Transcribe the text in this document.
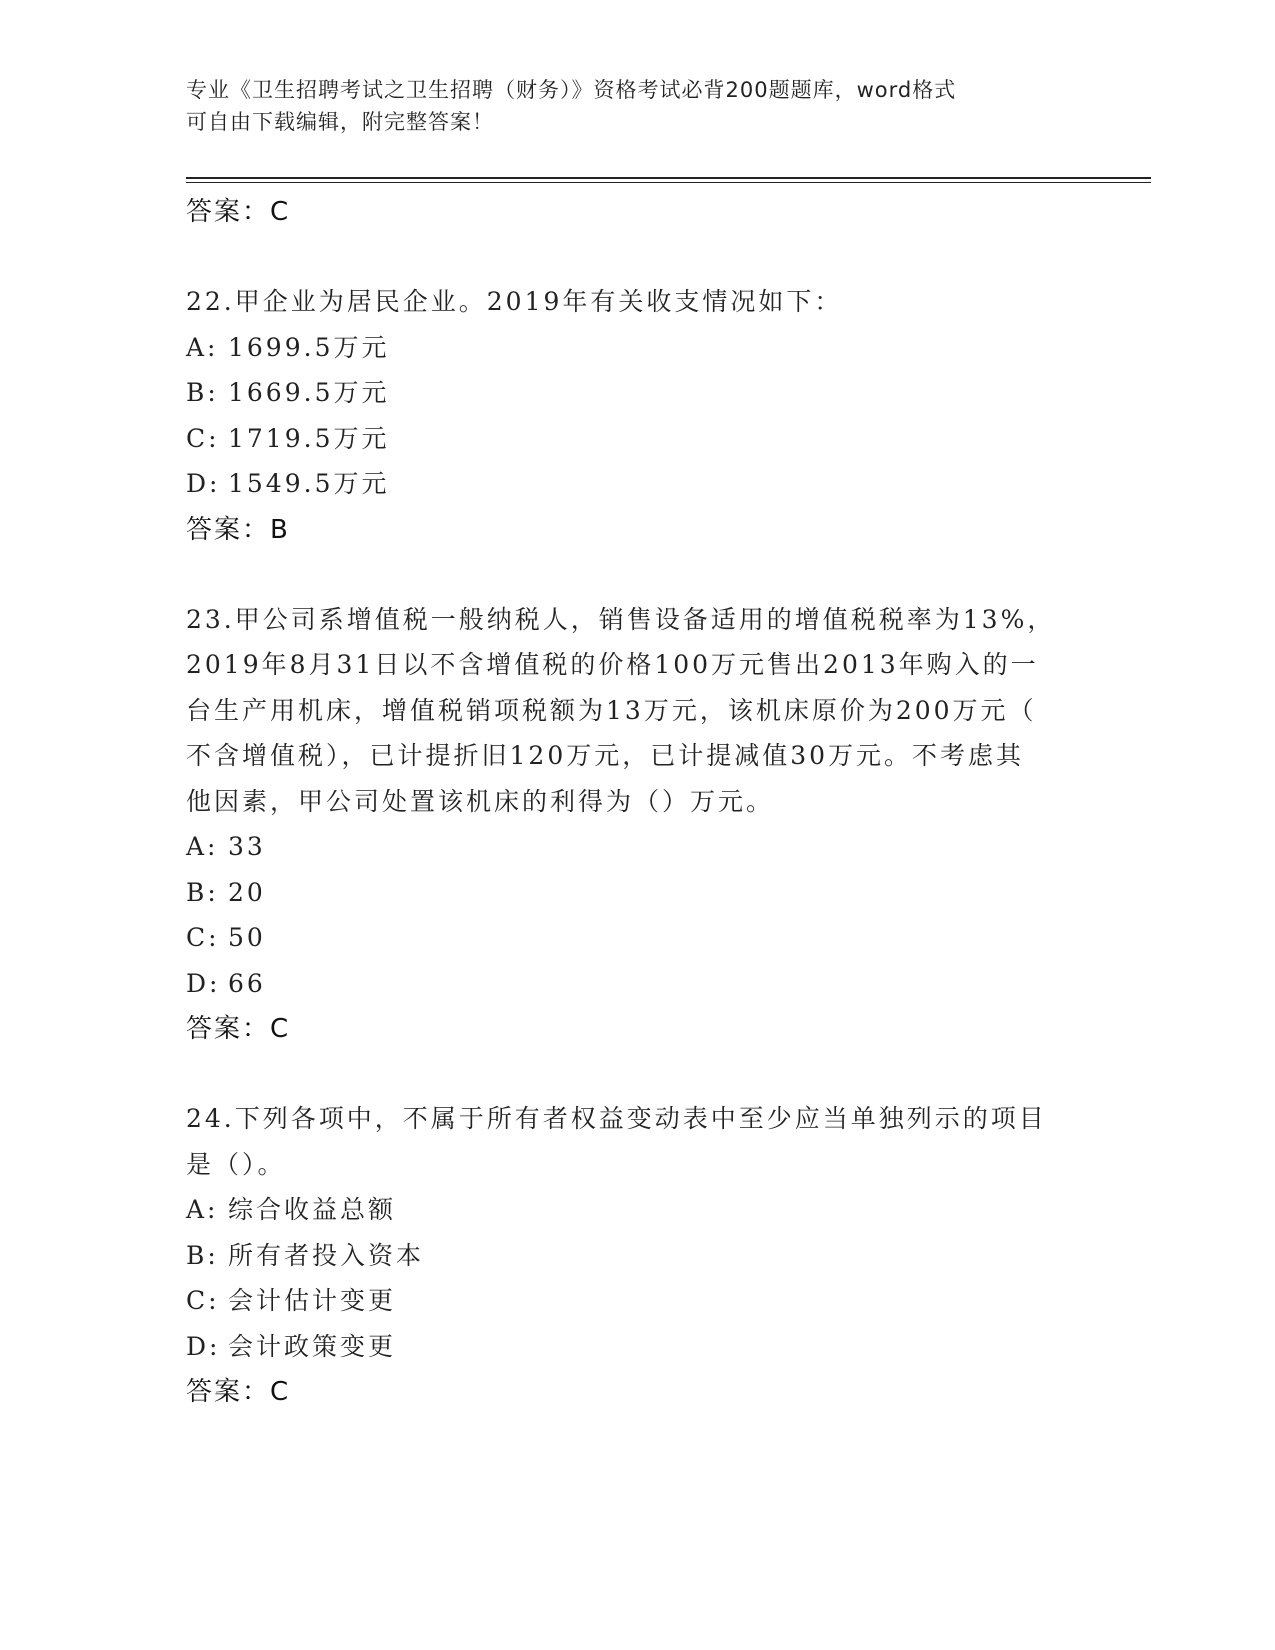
专业《卫生招聘考试之卫生招聘（财务）》资格考试必背200题题库，word格式
可自由下载编辑，附完整答案！
答案：C
22.甲企业为居民企业。2019年有关收支情况如下：
A: 1699.5万元
B: 1669.5万元
C: 1719.5万元
D: 1549.5万元
答案：B
23.甲公司系增值税一般纳税人，销售设备适用的增值税税率为13%，
2019年8月31日以不含增值税的价格100万元售出2013年购入的一
台生产用机床，增值税销项税额为13万元，该机床原价为200万元（
不含增值税），已计提折旧120万元，已计提减值30万元。不考虑其
他因素，甲公司处置该机床的利得为（）万元。
A: 33
B: 20
C: 50
D: 66
答案：C
24.下列各项中，不属于所有者权益变动表中至少应当单独列示的项目
是（）。
A: 综合收益总额
B: 所有者投入资本
C: 会计估计变更
D: 会计政策变更
答案：C
